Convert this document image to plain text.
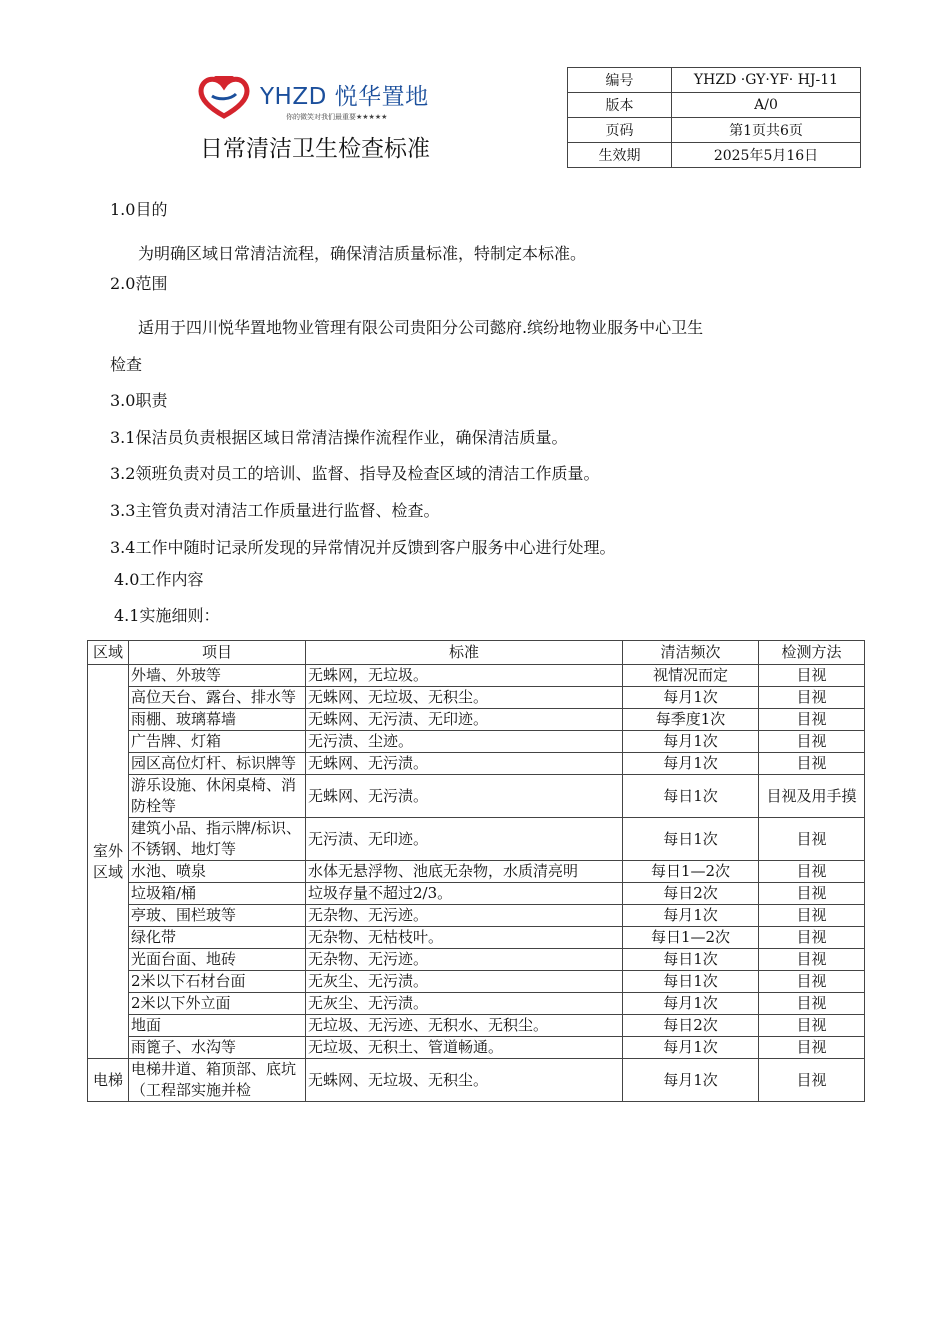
YHZD 悦华置地
你的微笑对我们最重要★★★★★
日常清洁卫生检查标准
编号	YHZD ·GY·YF· HJ-11
版本	A/0
页码	第1页共6页
生效期	2025年5月16日
1.0目的
为明确区域日常清洁流程，确保清洁质量标准，特制定本标准。
2.0范围
适用于四川悦华置地物业管理有限公司贵阳分公司懿府.缤纷地物业服务中心卫生
检查
3.0职责
3.1保洁员负责根据区域日常清洁操作流程作业，确保清洁质量。
3.2领班负责对员工的培训、监督、指导及检查区域的清洁工作质量。
3.3主管负责对清洁工作质量进行监督、检查。
3.4工作中随时记录所发现的异常情况并反馈到客户服务中心进行处理。
4.0工作内容
4.1实施细则：
区域	项目	标准	清洁频次	检测方法
室外区域	外墙、外玻等	无蛛网，无垃圾。	视情况而定	目视
	高位天台、露台、排水等	无蛛网、无垃圾、无积尘。	每月1次	目视
	雨棚、玻璃幕墙	无蛛网、无污渍、无印迹。	每季度1次	目视
	广告牌、灯箱	无污渍、尘迹。	每月1次	目视
	园区高位灯杆、标识牌等	无蛛网、无污渍。	每月1次	目视
	游乐设施、休闲桌椅、消防栓等	无蛛网、无污渍。	每日1次	目视及用手摸
	建筑小品、指示牌/标识、不锈钢、地灯等	无污渍、无印迹。	每日1次	目视
	水池、喷泉	水体无悬浮物、池底无杂物，水质清亮明	每日1—2次	目视
	垃圾箱/桶	垃圾存量不超过2/3。	每日2次	目视
	亭玻、围栏玻等	无杂物、无污迹。	每月1次	目视
	绿化带	无杂物、无枯枝叶。	每日1—2次	目视
	光面台面、地砖	无杂物、无污迹。	每日1次	目视
	2米以下石材台面	无灰尘、无污渍。	每日1次	目视
	2米以下外立面	无灰尘、无污渍。	每月1次	目视
	地面	无垃圾、无污迹、无积水、无积尘。	每日2次	目视
	雨篦子、水沟等	无垃圾、无积土、管道畅通。	每月1次	目视
电梯	电梯井道、箱顶部、底坑（工程部实施并检	无蛛网、无垃圾、无积尘。	每月1次	目视
